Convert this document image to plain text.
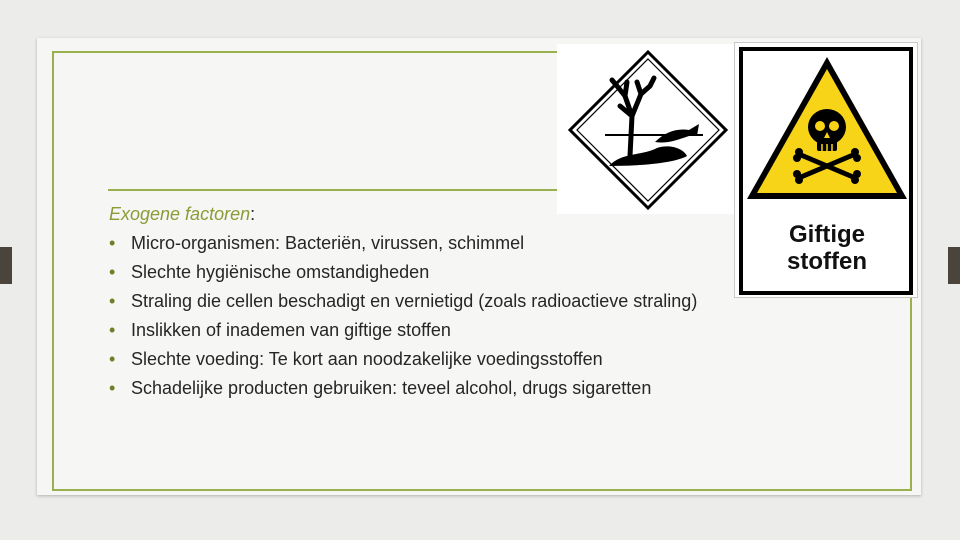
Giftige
stoffen
Exogene factoren:
• Micro-organismen: Bacteriën, virussen, schimmel
• Slechte hygiënische omstandigheden
• Straling die cellen beschadigt en vernietigd (zoals radioactieve straling)
• Inslikken of inademen van giftige stoffen
• Slechte voeding: Te kort aan noodzakelijke voedingsstoffen
• Schadelijke producten gebruiken: teveel alcohol, drugs sigaretten
